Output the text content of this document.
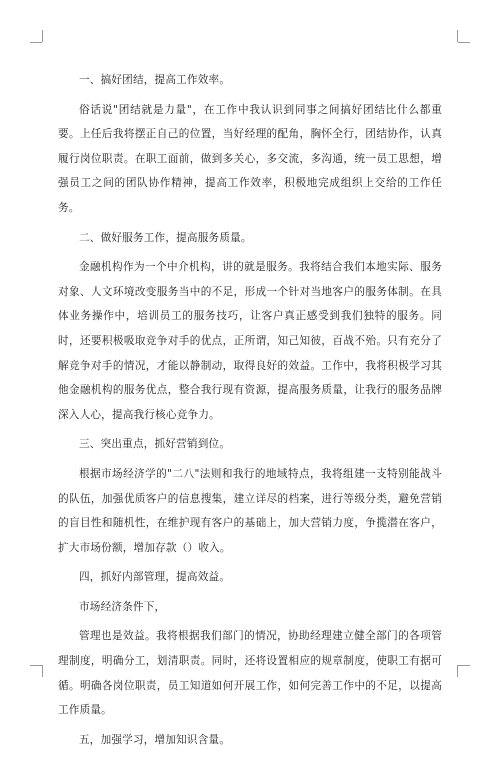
一、搞好团结，提高工作效率。

俗话说"团结就是力量"，在工作中我认识到同事之间搞好团结比什么都重要。上任后我将摆正自己的位置，当好经理的配角，胸怀全行，团结协作，认真履行岗位职责。在职工面前，做到多关心，多交流，多沟通，统一员工思想，增强员工之间的团队协作精神，提高工作效率，积极地完成组织上交给的工作任务。

二、做好服务工作，提高服务质量。

金融机构作为一个中介机构，讲的就是服务。我将结合我们本地实际、服务对象、人文环境改变服务当中的不足，形成一个针对当地客户的服务体制。在具体业务操作中，培训员工的服务技巧，让客户真正感受到我们独特的服务。同时，还要积极吸取竞争对手的优点，正所谓，知己知彼，百战不殆。只有充分了解竞争对手的情况，才能以静制动，取得良好的效益。工作中，我将积极学习其他金融机构的服务优点，整合我行现有资源，提高服务质量，让我行的服务品牌深入人心，提高我行核心竞争力。

三、突出重点，抓好营销到位。

根据市场经济学的"二八"法则和我行的地域特点，我将组建一支特别能战斗的队伍，加强优质客户的信息搜集，建立详尽的档案，进行等级分类，避免营销的盲目性和随机性，在维护现有客户的基础上，加大营销力度，争揽潜在客户，扩大市场份额，增加存款（）收入。

四，抓好内部管理，提高效益。

市场经济条件下，

管理也是效益。我将根据我们部门的情况，协助经理建立健全部门的各项管理制度，明确分工，划清职责。同时，还将设置相应的规章制度，使职工有据可循。明确各岗位职责，员工知道如何开展工作，如何完善工作中的不足，以提高工作质量。

五，加强学习，增加知识含量。
